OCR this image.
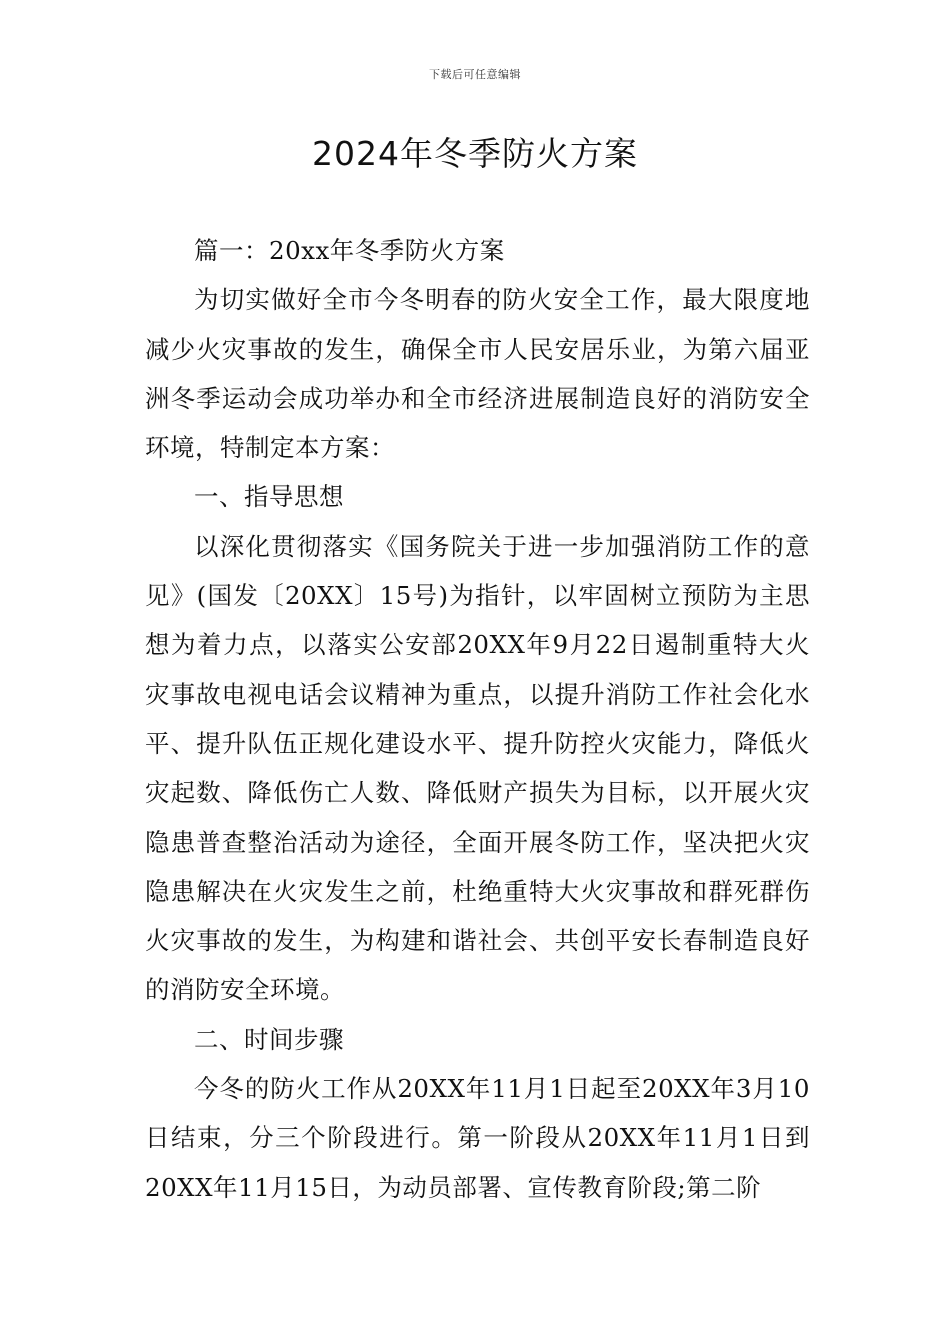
下载后可任意编辑
2024年冬季防火方案

篇一：20xx年冬季防火方案

为切实做好全市今冬明春的防火安全工作，最大限度地减少火灾事故的发生，确保全市人民安居乐业，为第六届亚洲冬季运动会成功举办和全市经济进展制造良好的消防安全环境，特制定本方案：

一、指导思想

以深化贯彻落实《国务院关于进一步加强消防工作的意见》(国发〔20XX〕15号)为指针，以牢固树立预防为主思想为着力点，以落实公安部20XX年9月22日遏制重特大火灾事故电视电话会议精神为重点，以提升消防工作社会化水平、提升队伍正规化建设水平、提升防控火灾能力，降低火灾起数、降低伤亡人数、降低财产损失为目标，以开展火灾隐患普查整治活动为途径，全面开展冬防工作，坚决把火灾隐患解决在火灾发生之前，杜绝重特大火灾事故和群死群伤火灾事故的发生，为构建和谐社会、共创平安长春制造良好的消防安全环境。

二、时间步骤

今冬的防火工作从20XX年11月1日起至20XX年3月10日结束，分三个阶段进行。第一阶段从20XX年11月1日到20XX年11月15日，为动员部署、宣传教育阶段;第二阶
